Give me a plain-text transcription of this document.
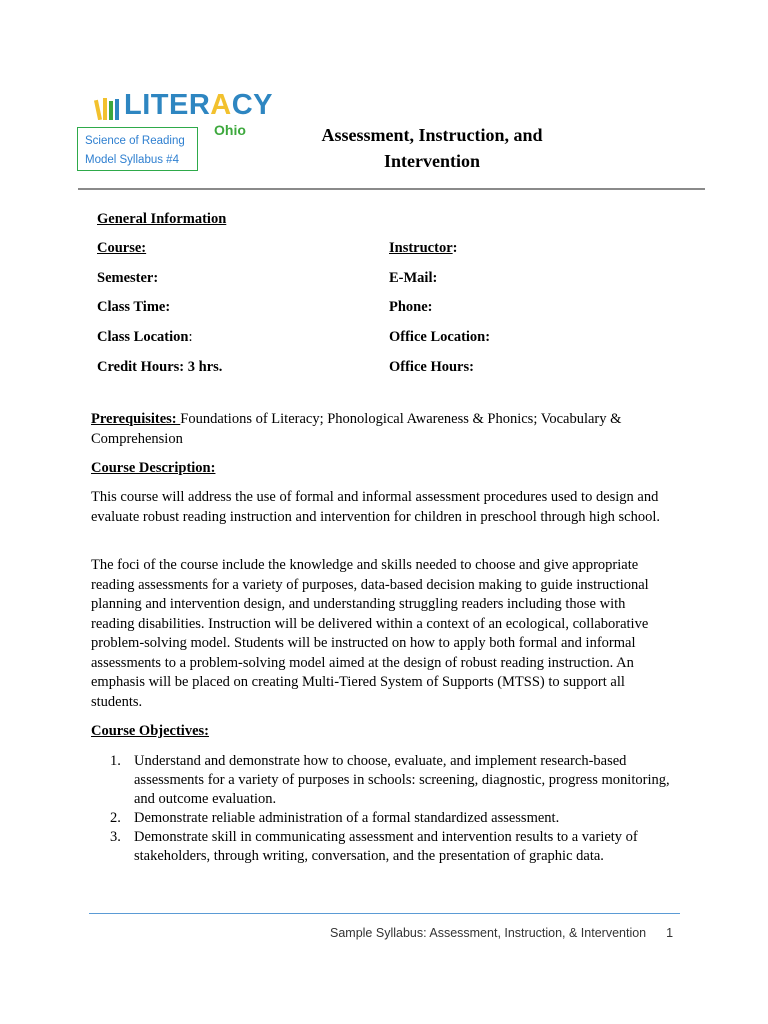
LITERACY
Ohio
Science of Reading
Model Syllabus #4
Assessment, Instruction, and
Intervention
General Information
Course:
Semester:
Class Time:
Class Location:
Credit Hours: 3 hrs.
Instructor:
E-Mail:
Phone:
Office Location:
Office Hours:
Prerequisites: Foundations of Literacy; Phonological Awareness & Phonics; Vocabulary & Comprehension
Course Description:
This course will address the use of formal and informal assessment procedures used to design and evaluate robust reading instruction and intervention for children in preschool through high school.
The foci of the course include the knowledge and skills needed to choose and give appropriate reading assessments for a variety of purposes, data-based decision making to guide instructional planning and intervention design, and understanding struggling readers including those with reading disabilities. Instruction will be delivered within a context of an ecological, collaborative problem-solving model. Students will be instructed on how to apply both formal and informal assessments to a problem-solving model aimed at the design of robust reading instruction. An emphasis will be placed on creating Multi-Tiered System of Supports (MTSS) to support all students.
Course Objectives:
1. Understand and demonstrate how to choose, evaluate, and implement research-based assessments for a variety of purposes in schools: screening, diagnostic, progress monitoring, and outcome evaluation.
2. Demonstrate reliable administration of a formal standardized assessment.
3. Demonstrate skill in communicating assessment and intervention results to a variety of stakeholders, through writing, conversation, and the presentation of graphic data.
Sample Syllabus: Assessment, Instruction, & Intervention 1
